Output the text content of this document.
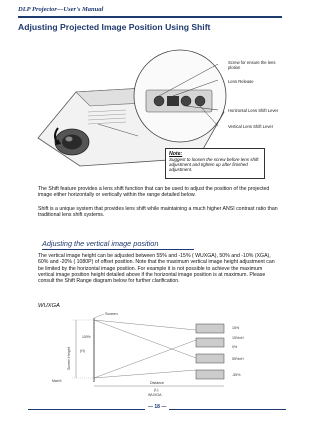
DLP Projector—User's Manual
Adjusting Projected Image Position Using Shift
Screw for ensure the lens plotion
Lens Release
Horizontal Lens Shift Lever
Vertical Lens Shift Lever
Note:
Suggest to loosen the screw before lens shift adjustment and tighten up after finished adjustment.
The Shift feature provides a lens shift function that can be used to adjust the position of the projected image either horizontally or vertically within the range detailed below.
Shift is a unique system that provides lens shift while maintaining a much higher ANSI contrast ratio than traditional lens shift systems.
Adjusting the vertical image position
The vertical image height can be adjusted between 55% and -15% ( WUXGA), 50% and -10% (XGA), 60% and -20% ( 1080P) of offset position. Note that the maximum vertical image height adjustment can be limited by the horizontal image position. For example it is not possible to achieve the maximum vertical image position height detailed above if the horizontal image position is at maximum. Please consult the Shift Range diagram below for further clarification.
WUXGA
Screen
Screen Height	(H)
100%
Max%
15%
15%xH
0%
55%xH
-55%
Distance
(L)
WUXGA
— 18 —
